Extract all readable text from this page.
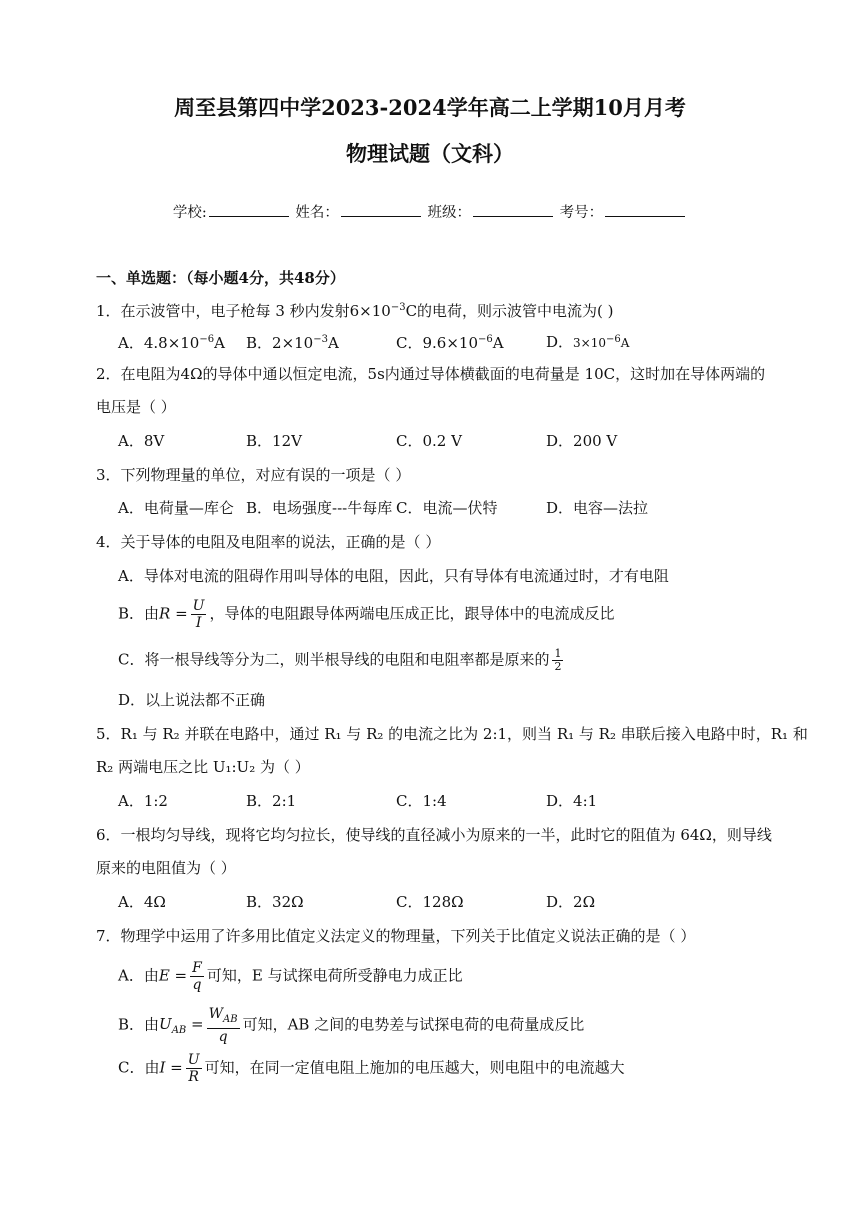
周至县第四中学2023-2024学年高二上学期10月月考
物理试题（文科）
学校:	姓名：	班级：	考号：
一、单选题：（每小题4分，共48分）
1．在示波管中，电子枪每 3 秒内发射$6\times 10^{-3}C$的电荷，则示波管中电流为( )
A．$4.8\times 10^{-6}A$ B．$2\times 10^{-3}A$	C．$9.6\times 10^{-6}A$	D．$3\times 10^{-6}A$
2．在电阻为4Ω的导体中通以恒定电流，5s内通过导体横截面的电荷量是 10C，这时加在导体两端的
电压是（ ）
A．8V	B．12V	C．0.2 V	D．200 V
3．下列物理量的单位，对应有误的一项是（ ）
A．电荷量—库仑 B．电场强度---牛每库 C．电流—伏特	D．电容—法拉
4．关于导体的电阻及电阻率的说法，正确的是（ ）
A．导体对电流的阻碍作用叫导体的电阻，因此，只有导体有电流通过时，才有电阻
B．由$R = \frac{U}{I}$ ，导体的电阻跟导体两端电压成正比，跟导体中的电流成反比
C．将一根导线等分为二，则半根导线的电阻和电阻率都是原来的 $\frac{1}{2}$
D．以上说法都不正确
5．R₁ 与 R₂ 并联在电路中，通过 R₁ 与 R₂ 的电流之比为 2:1，则当 R₁ 与 R₂ 串联后接入电路中时，R₁ 和
R₂ 两端电压之比 U₁:U₂ 为（ ）
A．1:2	B．2:1	C．1:4	D．4:1
6．一根均匀导线，现将它均匀拉长，使导线的直径减小为原来的一半，此时它的阻值为 64Ω，则导线
原来的电阻值为（ ）
A．4Ω	B．32Ω	C．128Ω	D．2Ω
7．物理学中运用了许多用比值定义法定义的物理量，下列关于比值定义说法正确的是（ ）
A．由$E = \frac{F}{q}$ 可知，E 与试探电荷所受静电力成正比
B．由$U_{AB} = \frac{W_{AB}}{q}$ 可知，AB 之间的电势差与试探电荷的电荷量成反比
C．由$I = \frac{U}{R}$ 可知，在同一定值电阻上施加的电压越大，则电阻中的电流越大
